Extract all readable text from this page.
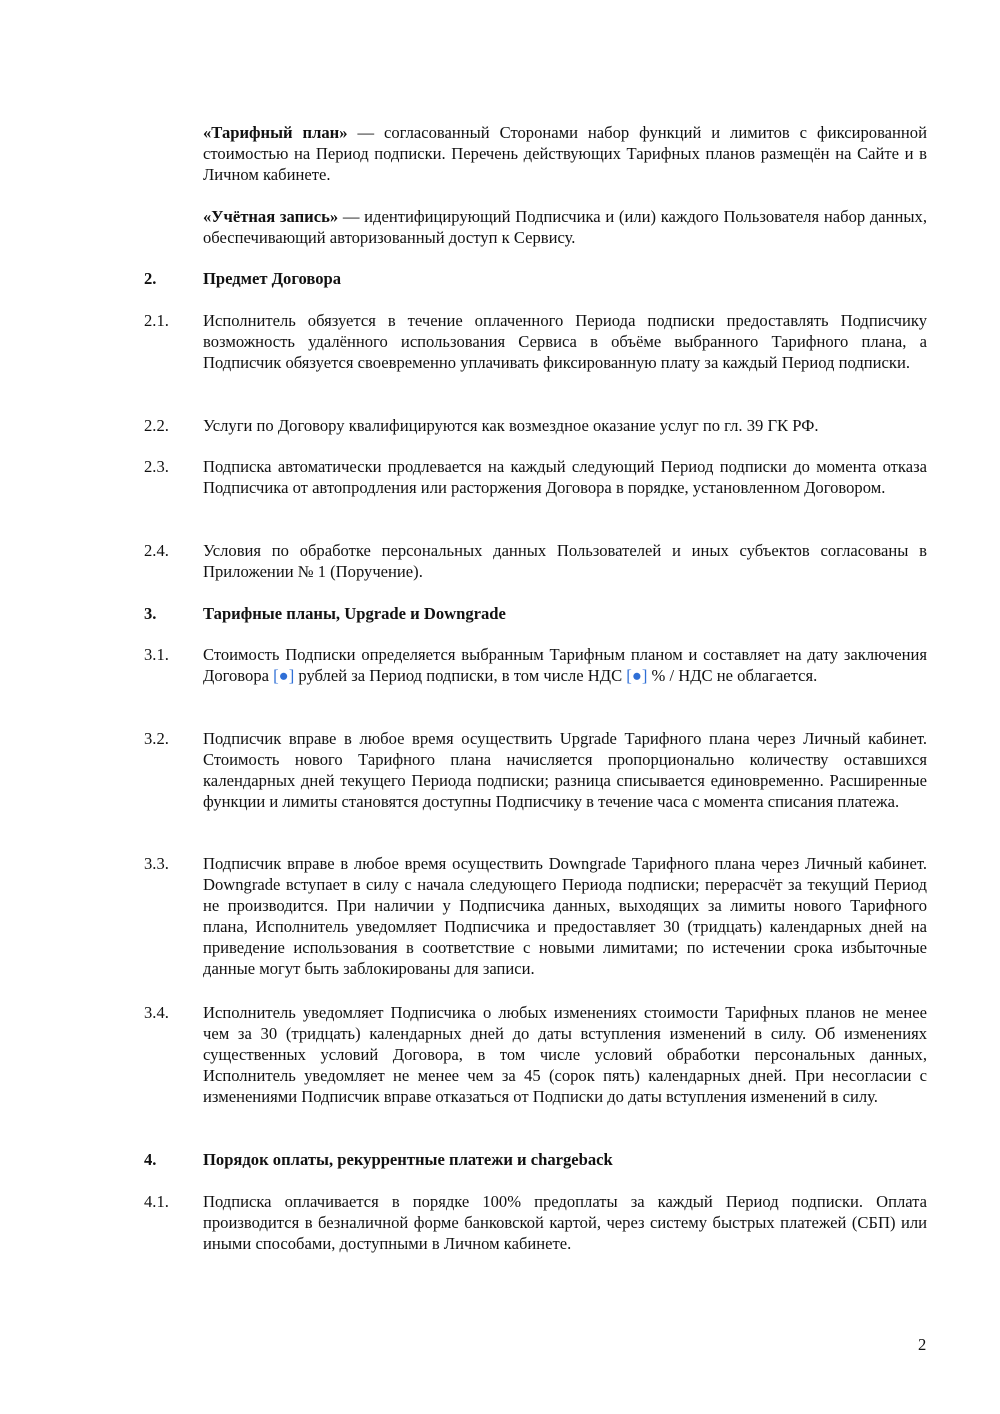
«Тарифный план» — согласованный Сторонами набор функций и лимитов с фиксированной стоимостью на Период подписки. Перечень действующих Тарифных планов размещён на Сайте и в Личном кабинете.

«Учётная запись» — идентифицирующий Подписчика и (или) каждого Пользователя набор данных, обеспечивающий авторизованный доступ к Сервису.

2.	Предмет Договора
2.1. Исполнитель обязуется в течение оплаченного Периода подписки предоставлять Подписчику возможность удалённого использования Сервиса в объёме выбранного Тарифного плана, а Подписчик обязуется своевременно уплачивать фиксированную плату за каждый Период подписки.

2.2. Услуги по Договору квалифицируются как возмездное оказание услуг по гл. 39 ГК РФ.

2.3. Подписка автоматически продлевается на каждый следующий Период подписки до момента отказа Подписчика от автопродления или расторжения Договора в порядке, установленном Договором.

2.4. Условия по обработке персональных данных Пользователей и иных субъектов согласованы в Приложении № 1 (Поручение).

3.	Тарифные планы, Upgrade и Downgrade
3.1. Стоимость Подписки определяется выбранным Тарифным планом и составляет на дату заключения Договора [●] рублей за Период подписки, в том числе НДС [●] % / НДС не облагается.

3.2. Подписчик вправе в любое время осуществить Upgrade Тарифного плана через Личный кабинет. Стоимость нового Тарифного плана начисляется пропорционально количеству оставшихся календарных дней текущего Периода подписки; разница списывается единовременно. Расширенные функции и лимиты становятся доступны Подписчику в течение часа с момента списания платежа.

3.3. Подписчик вправе в любое время осуществить Downgrade Тарифного плана через Личный кабинет. Downgrade вступает в силу с начала следующего Периода подписки; перерасчёт за текущий Период не производится. При наличии у Подписчика данных, выходящих за лимиты нового Тарифного плана, Исполнитель уведомляет Подписчика и предоставляет 30 (тридцать) календарных дней на приведение использования в соответствие с новыми лимитами; по истечении срока избыточные данные могут быть заблокированы для записи.

3.4. Исполнитель уведомляет Подписчика о любых изменениях стоимости Тарифных планов не менее чем за 30 (тридцать) календарных дней до даты вступления изменений в силу. Об изменениях существенных условий Договора, в том числе условий обработки персональных данных, Исполнитель уведомляет не менее чем за 45 (сорок пять) календарных дней. При несогласии с изменениями Подписчик вправе отказаться от Подписки до даты вступления изменений в силу.

4.	Порядок оплаты, рекуррентные платежи и chargeback
4.1. Подписка оплачивается в порядке 100% предоплаты за каждый Период подписки. Оплата производится в безналичной форме банковской картой, через систему быстрых платежей (СБП) или иными способами, доступными в Личном кабинете.

2
